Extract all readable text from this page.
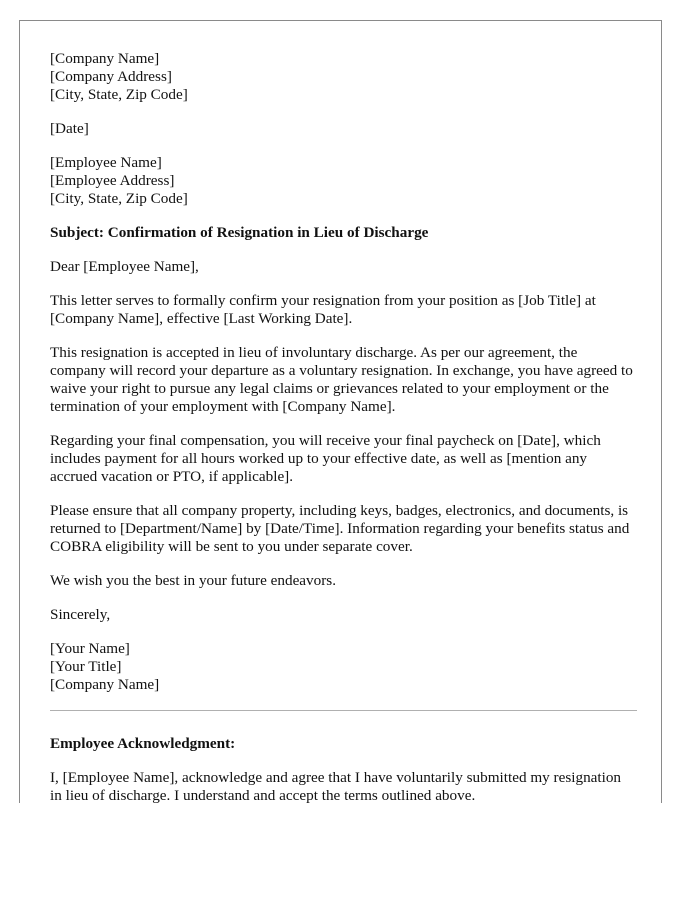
[Company Name]
[Company Address]
[City, State, Zip Code]
[Date]
[Employee Name]
[Employee Address]
[City, State, Zip Code]
Subject: Confirmation of Resignation in Lieu of Discharge

Dear [Employee Name],

This letter serves to formally confirm your resignation from your position as [Job Title] at [Company Name], effective [Last Working Date].

This resignation is accepted in lieu of involuntary discharge. As per our agreement, the company will record your departure as a voluntary resignation. In exchange, you have agreed to waive your right to pursue any legal claims or grievances related to your employment or the termination of your employment with [Company Name].

Regarding your final compensation, you will receive your final paycheck on [Date], which includes payment for all hours worked up to your effective date, as well as [mention any accrued vacation or PTO, if applicable].

Please ensure that all company property, including keys, badges, electronics, and documents, is returned to [Department/Name] by [Date/Time]. Information regarding your benefits status and COBRA eligibility will be sent to you under separate cover.

We wish you the best in your future endeavors.

Sincerely,

[Your Name]
[Your Title]
[Company Name]
Employee Acknowledgment:

I, [Employee Name], acknowledge and agree that I have voluntarily submitted my resignation in lieu of discharge. I understand and accept the terms outlined above.
